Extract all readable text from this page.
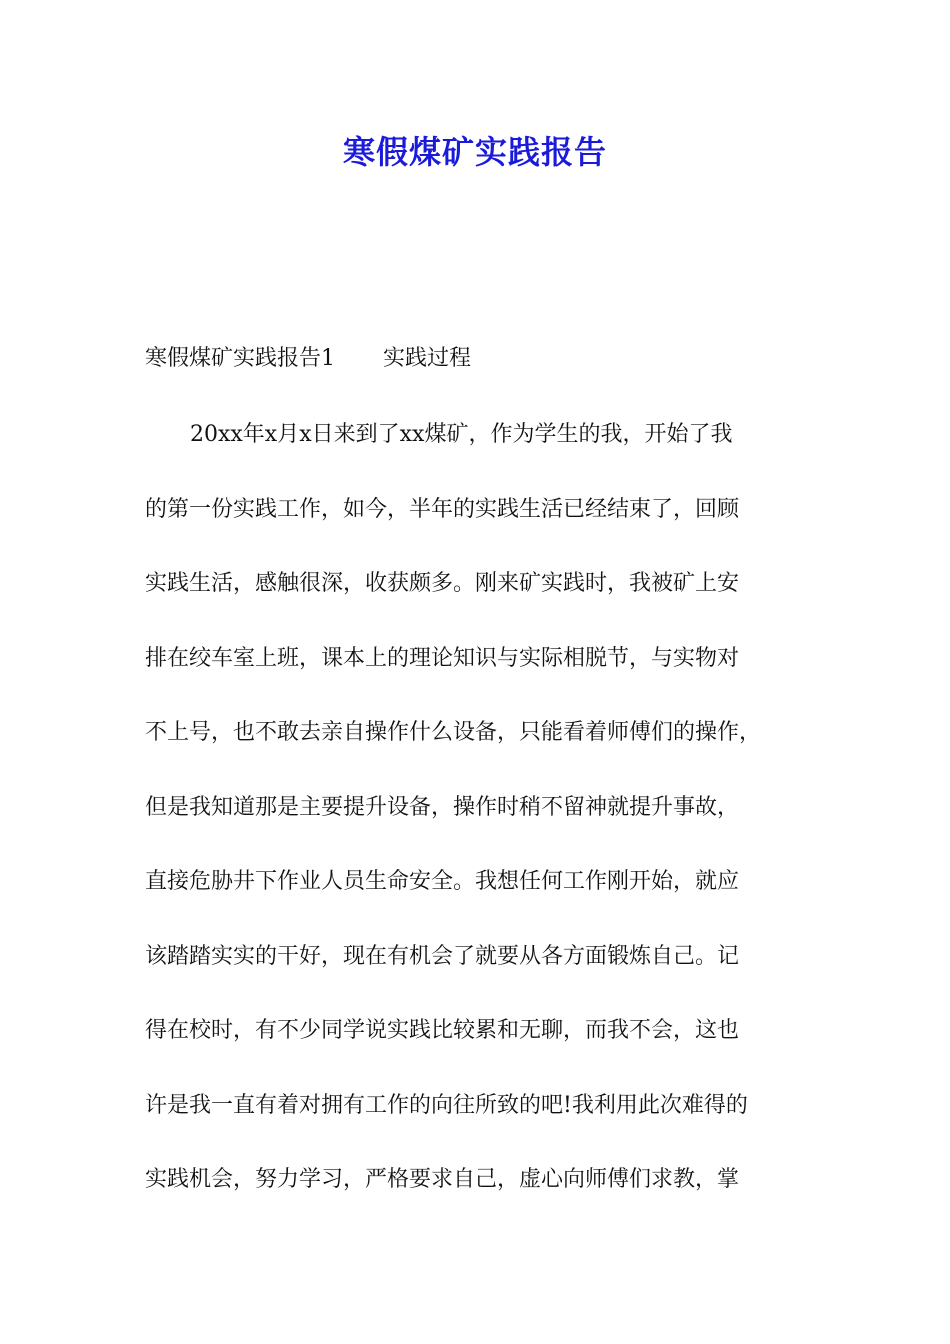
寒假煤矿实践报告
寒假煤矿实践报告1 实践过程
20xx年x月x日来到了xx煤矿，作为学生的我，开始了我
的第一份实践工作，如今，半年的实践生活已经结束了，回顾
实践生活，感触很深，收获颇多。刚来矿实践时，我被矿上安
排在绞车室上班，课本上的理论知识与实际相脱节，与实物对
不上号，也不敢去亲自操作什么设备，只能看着师傅们的操作，
但是我知道那是主要提升设备，操作时稍不留神就提升事故，
直接危胁井下作业人员生命安全。我想任何工作刚开始，就应
该踏踏实实的干好，现在有机会了就要从各方面锻炼自己。记
得在校时，有不少同学说实践比较累和无聊，而我不会，这也
许是我一直有着对拥有工作的向往所致的吧!我利用此次难得的
实践机会，努力学习，严格要求自己，虚心向师傅们求教，掌
